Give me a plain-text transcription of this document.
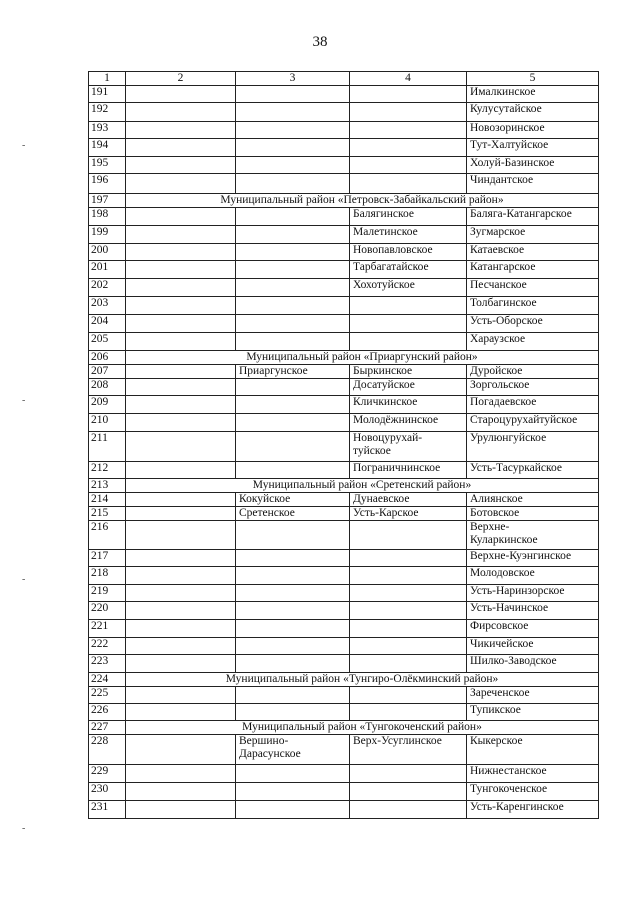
38
1	2	3	4	5
191				Ималкинское
192				Кулусутайское
193				Новозоринское
194				Тут-Халтуйское
195				Холуй-Базинское
196				Чиндантское
197	Муниципальный район «Петровск-Забайкальский район»			
198			Балягинское	Баляга-Катангарское
199			Малетинское	Зугмарское
200			Новопавловское	Катаевское
201			Тарбагатайское	Катангарское
202			Хохотуйское	Песчанское
203				Толбагинское
204				Усть-Оборское
205				Хараузское
206	Муниципальный район «Приаргунский район»			
207		Приаргунское	Быркинское	Дуройское
208			Досатуйское	Зоргольское
209			Кличкинское	Погадаевское
210			Молодёжнинское	Староцурухайтуйское
211			Новоцурухай-
туйское	Урулюнгуйское
212			Пограничнинское	Усть-Тасуркайское
213	Муниципальный район «Сретенский район»			
214		Кокуйское	Дунаевское	Алиянское
215		Сретенское	Усть-Карское	Ботовское
216				Верхне-
Куларкинское
217				Верхне-Куэнгинское
218				Молодовское
219				Усть-Наринзорское
220				Усть-Начинское
221				Фирсовское
222				Чикичейское
223				Шилко-Заводское
224	Муниципальный район «Тунгиро-Олёкминский район»			
225				Зареченское
226				Тупикское
227	Муниципальный район «Тунгокоченский район»			
228		Вершино-
Дарасунское	Верх-Усуглинское	Кыкерское
229				Нижнестанское
230				Тунгокоченское
231				Усть-Каренгинское
-
-
-
-
